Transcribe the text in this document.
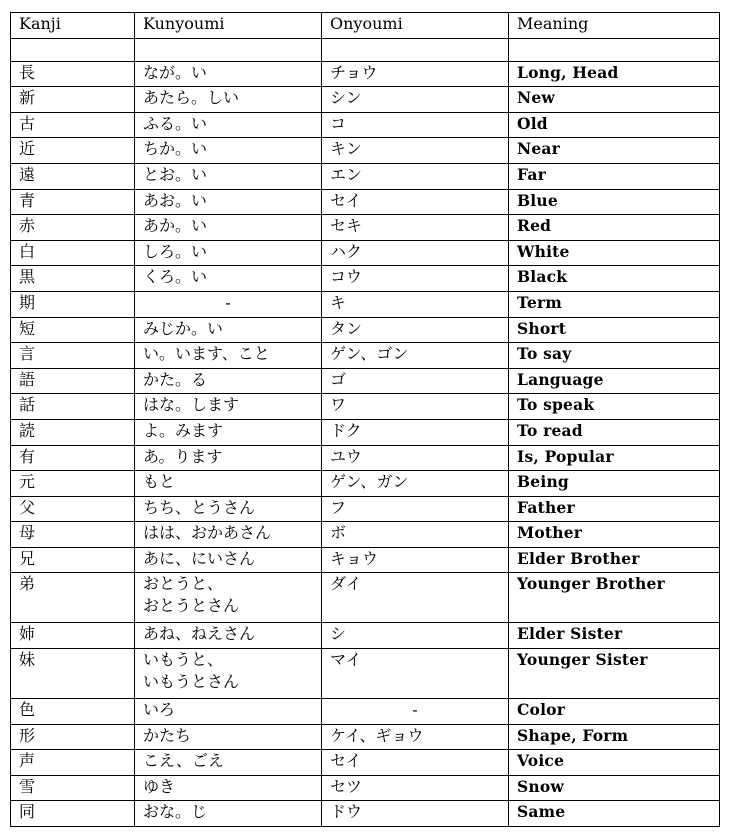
Kanji	Kunyoumi	Onyoumi	Meaning

長	なが。い	チョウ	Long, Head
新	あたら。しい	シン	New
古	ふる。い	コ	Old
近	ちか。い	キン	Near
遠	とお。い	エン	Far
青	あお。い	セイ	Blue
赤	あか。い	セキ	Red
白	しろ。い	ハク	White
黒	くろ。い	コウ	Black
期	-	キ	Term
短	みじか。い	タン	Short
言	い。います、こと	ゲン、ゴン	To say
語	かた。る	ゴ	Language
話	はな。します	ワ	To speak
読	よ。みます	ドク	To read
有	あ。ります	ユウ	Is, Popular
元	もと	ゲン、ガン	Being
父	ちち、とうさん	フ	Father
母	はは、おかあさん	ボ	Mother
兄	あに、にいさん	キョウ	Elder Brother
弟	おとうと、
おとうとさん	ダイ	Younger Brother
姉	あね、ねえさん	シ	Elder Sister
妹	いもうと、
いもうとさん	マイ	Younger Sister
色	いろ	-	Color
形	かたち	ケイ、ギョウ	Shape, Form
声	こえ、ごえ	セイ	Voice
雪	ゆき	セツ	Snow
同	おな。じ	ドウ	Same
